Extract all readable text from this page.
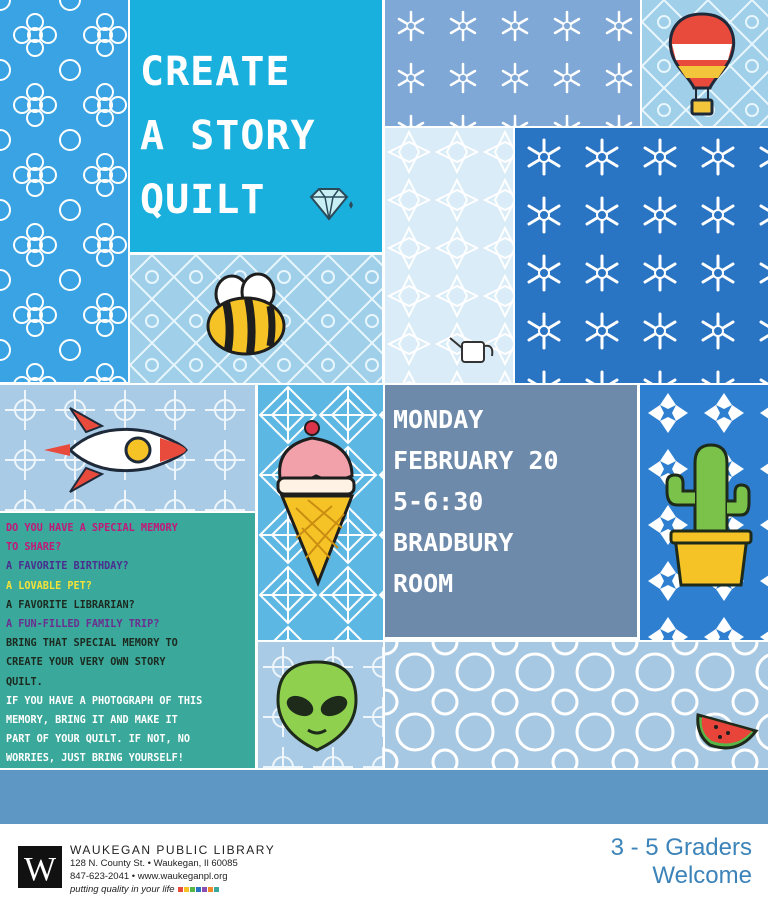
CREATE
A STORY
QUILT
MONDAY
FEBRUARY 20
5-6:30
BRADBURY
ROOM
DO YOU HAVE A SPECIAL MEMORY
TO SHARE?
A FAVORITE BIRTHDAY?
A LOVABLE PET?
A FAVORITE LIBRARIAN?
A FUN-FILLED FAMILY TRIP?
BRING THAT SPECIAL MEMORY TO
CREATE YOUR VERY OWN STORY
QUILT.
IF YOU HAVE A PHOTOGRAPH OF THIS
MEMORY, BRING IT AND MAKE IT
PART OF YOUR QUILT. IF NOT, NO
WORRIES, JUST BRING YOURSELF!
W
WAUKEGAN PUBLIC LIBRARY
128 N. County St. • Waukegan, Il 60085
847-623-2041 • www.waukeganpl.org
putting quality in your life
3 - 5 Graders
Welcome
